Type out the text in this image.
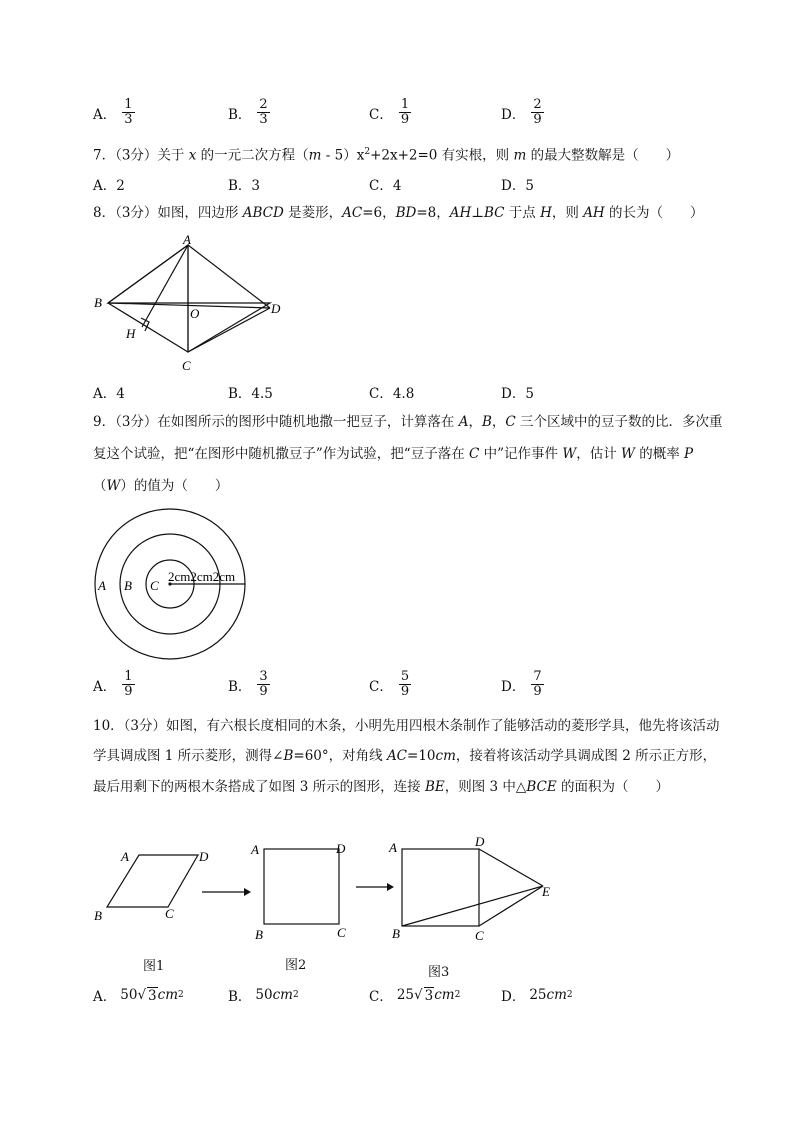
A． $\frac{1}{3}$	B． $\frac{2}{3}$	C． $\frac{1}{9}$	D． $\frac{2}{9}$
7．（3分）关于 x 的一元二次方程$(m - 5)x^2+2x+2=0$ 有实根，则 m 的最大整数解是（　　）
A．2	B．3	C．4	D．5
8．（3分）如图，四边形 ABCD 是菱形，AC=6，BD=8，AH⊥BC 于点 H，则 AH 的长为（　　）
A
B
C
D
H
O
A．4	B．4.5	C．4.8	D．5
9．（3分）在如图所示的图形中随机地撒一把豆子，计算落在 A，B，C 三个区域中的豆子数的比．多次重
复这个试验，把“在图形中随机撒豆子”作为试验，把“豆子落在 C 中”记作事件 W，估计 W 的概率 P
（W）的值为（　　）
A B C
2cm2cm2cm
A． $\frac{1}{9}$	B． $\frac{3}{9}$	C． $\frac{5}{9}$	D． $\frac{7}{9}$
10．（3分）如图，有六根长度相同的木条，小明先用四根木条制作了能够活动的菱形学具，他先将该活动
学具调成图 1 所示菱形，测得∠B=60°，对角线 AC=10cm，接着将该活动学具调成图 2 所示正方形，
最后用剩下的两根木条搭成了如图 3 所示的图形，连接 BE，则图 3 中△BCE 的面积为（　　）
A	D
B	C
A	D
B	C
A	D
B	C
E
图1	图2	图3
A． 50 √ 3 cm 2	B． 50 cm 2	C． 25 √ 3 cm 2	D． 25 cm 2
